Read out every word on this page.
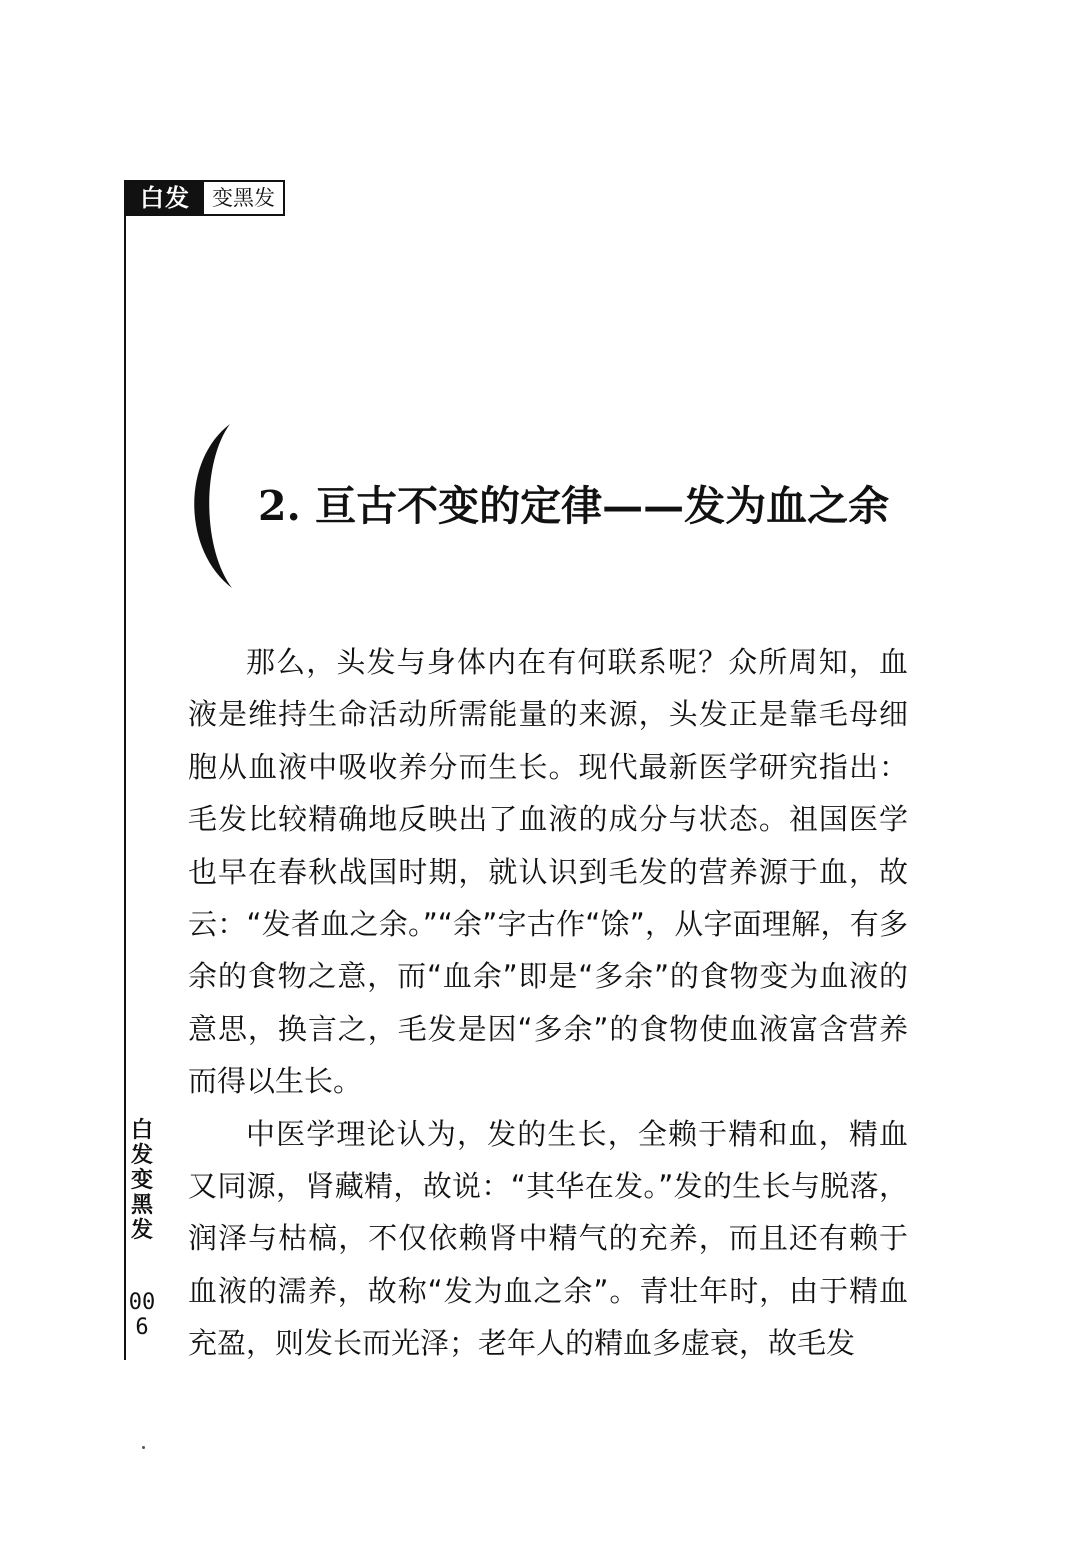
白发	变黑发
白发变黑发
006
2. 亘古不变的定律——发为血之余

那么，头发与身体内在有何联系呢？众所周知，血液是维持生命活动所需能量的来源，头发正是靠毛母细胞从血液中吸收养分而生长。现代最新医学研究指出：毛发比较精确地反映出了血液的成分与状态。祖国医学也早在春秋战国时期，就认识到毛发的营养源于血，故云：“发者血之余。”“余”字古作“馀”，从字面理解，有多余的食物之意，而“血余”即是“多余”的食物变为血液的意思，换言之，毛发是因“多余”的食物使血液富含营养而得以生长。

中医学理论认为，发的生长，全赖于精和血，精血又同源，肾藏精，故说：“其华在发。”发的生长与脱落，润泽与枯槁，不仅依赖肾中精气的充养，而且还有赖于血液的濡养，故称“发为血之余”。青壮年时，由于精血充盈，则发长而光泽；老年人的精血多虚衰，故毛发
